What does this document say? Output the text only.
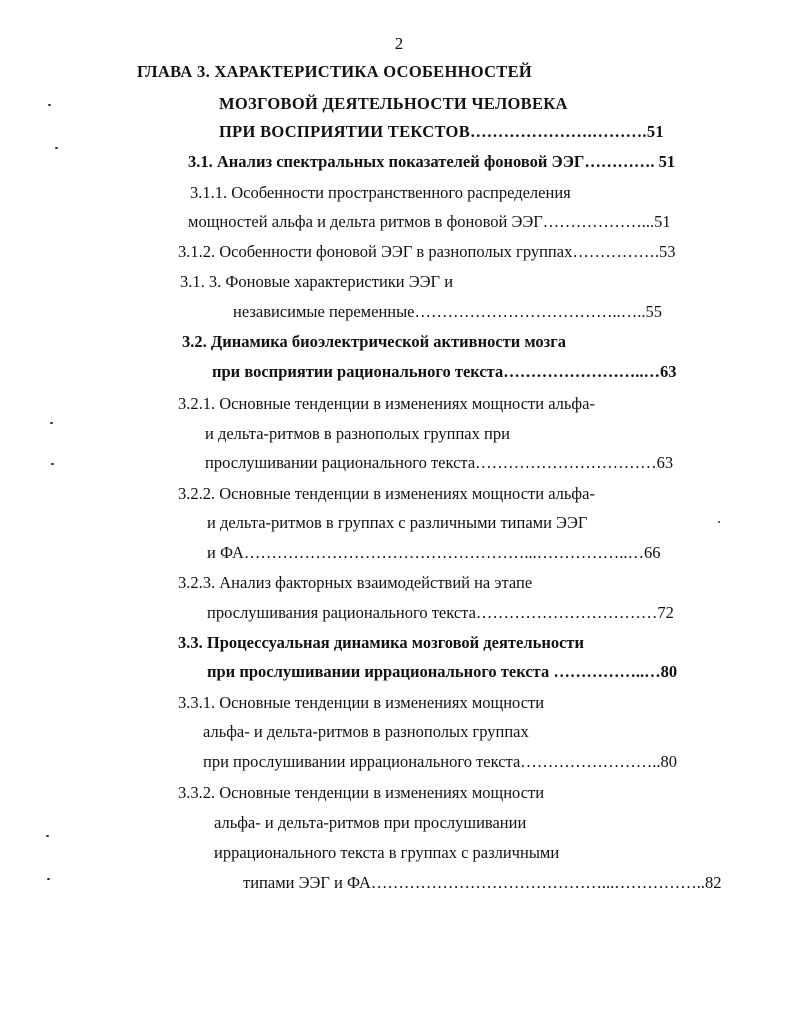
2
ГЛАВА 3. ХАРАКТЕРИСТИКА ОСОБЕННОСТЕЙ
МОЗГОВОЙ ДЕЯТЕЛЬНОСТИ ЧЕЛОВЕКА
ПРИ ВОСПРИЯТИИ ТЕКСТОВ………………….……….51
3.1. Анализ спектральных показателей фоновой ЭЭГ…………. 51
3.1.1. Особенности пространственного распределения
мощностей альфа и дельта ритмов в фоновой ЭЭГ………………...51
3.1.2. Особенности фоновой ЭЭГ в разнополых группах…………….53
3.1. 3. Фоновые характеристики ЭЭГ и
независимые переменные………………………………..…..55
3.2. Динамика биоэлектрической активности мозга
при восприятии рационального текста……………………..…63
3.2.1. Основные тенденции в изменениях мощности альфа-
и дельта-ритмов в разнополых группах при
прослушивании рационального текста……………………………63
3.2.2. Основные тенденции в изменениях мощности альфа-
и дельта-ритмов в группах с различными типами ЭЭГ
и ФА……………………………………………...……………..…66
3.2.3. Анализ факторных взаимодействий на этапе
прослушивания рационального текста……………………………72
3.3. Процессуальная динамика мозговой деятельности
при прослушивании иррационального текста ……………..…80
3.3.1. Основные тенденции в изменениях мощности
альфа- и дельта-ритмов в разнополых группах
при прослушивании иррационального текста……………………..80
3.3.2. Основные тенденции в изменениях мощности
альфа- и дельта-ритмов при прослушивании
иррационального текста в группах с различными
типами ЭЭГ и ФА……………………………………...……………..82
